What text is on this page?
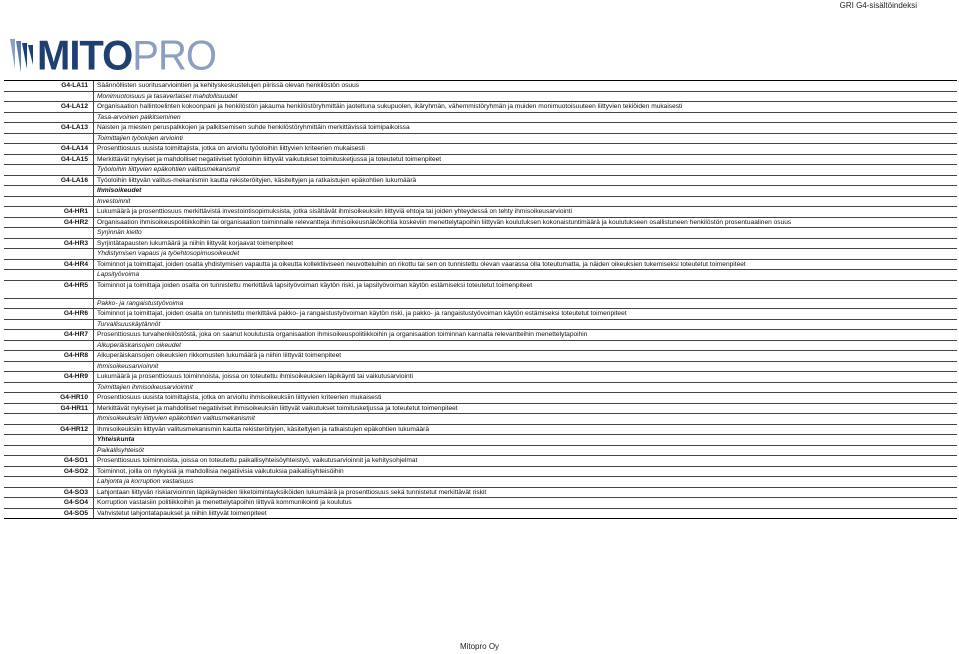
GRI G4-sisältöindeksi
MITOPRO
G4-LA11	Säännöllisten suoritusarviointien ja kehityskeskustelujen piirissä olevan henkilöstön osuus
Monimuotoisuus ja tasavertaiset mahdollisuudet
G4-LA12	Organisaation hallintoelinten kokoonpani ja henkilöstön jakauma henkilöstöryhmittäin jaoteltuna sukupuolen, ikäryhmän, vähemmistöryhmän ja muiden monimuotoisuuteen liittyvien tekiöiden mukaisesti
Tasa-arvoinen palkitseminen
G4-LA13	Naisten ja miesten peruspalkkojen ja palkitsemisen suhde henkilöstöryhmittäin merkittävissä toimipaikoissa
Toimittajien työolojen arviointi
G4-LA14	Prosenttiosuus uusista toimittajista, jotka on arvioitu työoloihin liittyvien kriteerien mukaisesti
G4-LA15	Merkittävät nykyiset ja mahdolliset negatiiviset työoloihin liittyvät vaikutukset toimitusketjussa ja toteutetut toimenpiteet
Työoloihin liittyvien epäkohtien valitusmekanismit
G4-LA16	Työoloihin liittyvän valitus-mekanismin kautta rekisteröityjen, käsiteltyjen ja ratkaistujen epäkohtien lukumäärä
Ihmisoikeudet
Investoinnit
G4-HR1	Lukumäärä ja prosenttiosuus merkittävistä investointisopimuksista, jotka sisältävät ihmisoikeuksiin liittyviä ehtoja tai joiden yhteydessä on tehty ihmisoikeusarviointi
G4-HR2	Organisaation ihmisoikeuspolitiikkoihin tai organisaation toiminnalle relevantteja ihmisoikeusnäkökohtia koskeviin menettelytapoihin liittyvän koulutuksen kokonaistuntimäärä ja koulutukseen osallistuneen henkilöstön prosentuaalinen osuus
Syrjinnän kielto
G4-HR3	Syrjintätapausten lukumäärä ja niihin liittyvät korjaavat toimenpiteet
Yhdistymisen vapaus ja työehtosopimusoikeudet
G4-HR4	Toiminnot ja toimittajat, joiden osalta yhdistymisen vapautta ja oikeutta kollektiiviseen neuvotteluihin on rikottu tai sen on tunnistettu olevan vaarassa olla toteutumatta, ja näiden oikeuksien tukemiseksi toteutetut toimenpiteet
Lapsityövoima
G4-HR5	Toiminnot ja toimittaja joiden osalta on tunnistettu merkittävä lapsityövoiman käytön riski, ja lapsityövoiman käytön estämiseksi toteutetut toimenpiteet
Pakko- ja rangaistustyövoima
G4-HR6	Toiminnot ja toimittajat, joiden osalta on tunnistettu merkittävä pakko- ja rangaistustyövoiman käytön riski, ja pakko- ja rangaistustyövoiman käytön estämiseksi toteutetut toimenpiteet
Turvallisuuskäytännöt
G4-HR7	Prosenttiosuus turvahenkilöstöstä, joka on saanut koulutusta organisaation ihmisoikeuspolitiikkoihin ja organisaation toiminnan kannalta relevantteihin menettelytapoihin
Alkuperäiskansojen oikeudet
G4-HR8	Alkuperäiskansojen oikeuksien rikkomusten lukumäärä ja niihin liittyvät toimenpiteet
Ihmisoikeusarvioinnit
G4-HR9	Lukumäärä ja prosenttiosuus toiminnoista, joissa on toteutettu ihmisoikeuksien läpikäynti tai vaikutusarviointi
Toimittajien ihmisoikeusarvioinnit
G4-HR10	Prosenttiosuus uusista toimittajista, jotka on arvioitu ihmisoikeuksiin liittyvien kriteerien mukaisesti
G4-HR11	Merkittävät nykyiset ja mahdolliset negatiiviset ihmisoikeuksiin liittyvät vaikutukset toimitusketjussa ja toteutetut toimenpiteet
Ihmisoikeuksiin liittyvien epäkohtien valitusmekanismit
G4-HR12	Ihmisoikeuksiin liittyvän valitusmekanismin kautta rekisteröityjen, käsiteltyjen ja ratkaistujen epäkohtien lukumäärä
Yhteiskunta
Paikallisyhteisöt
G4-SO1	Prosenttiosuus toiminnoista, joissa on toteutettu paikallisyhteisöyhteistyö, vaikutusarvioinnit ja kehitysohjelmat
G4-SO2	Toiminnot, joilla on nykyisiä ja mahdollisia negatiivisia vaikutuksia paikallisyhteisöihin
Lahjonta ja korruption vastaisuus
G4-SO3	Lahjontaan liittyvän riskiarvioinnin läpikäyneiden liiketoimintayksiköiden lukumäärä ja prosenttiosuus sekä tunnistetut merkittävät riskit
G4-SO4	Korruption vastaisiin politiikkoihin ja menettelytapoihin liittyvä kommunikointi ja koulutus
G4-SO5	Vahvistetut lahjontatapaukset ja niihin liittyvät toimenpiteet
Mitopro Oy
